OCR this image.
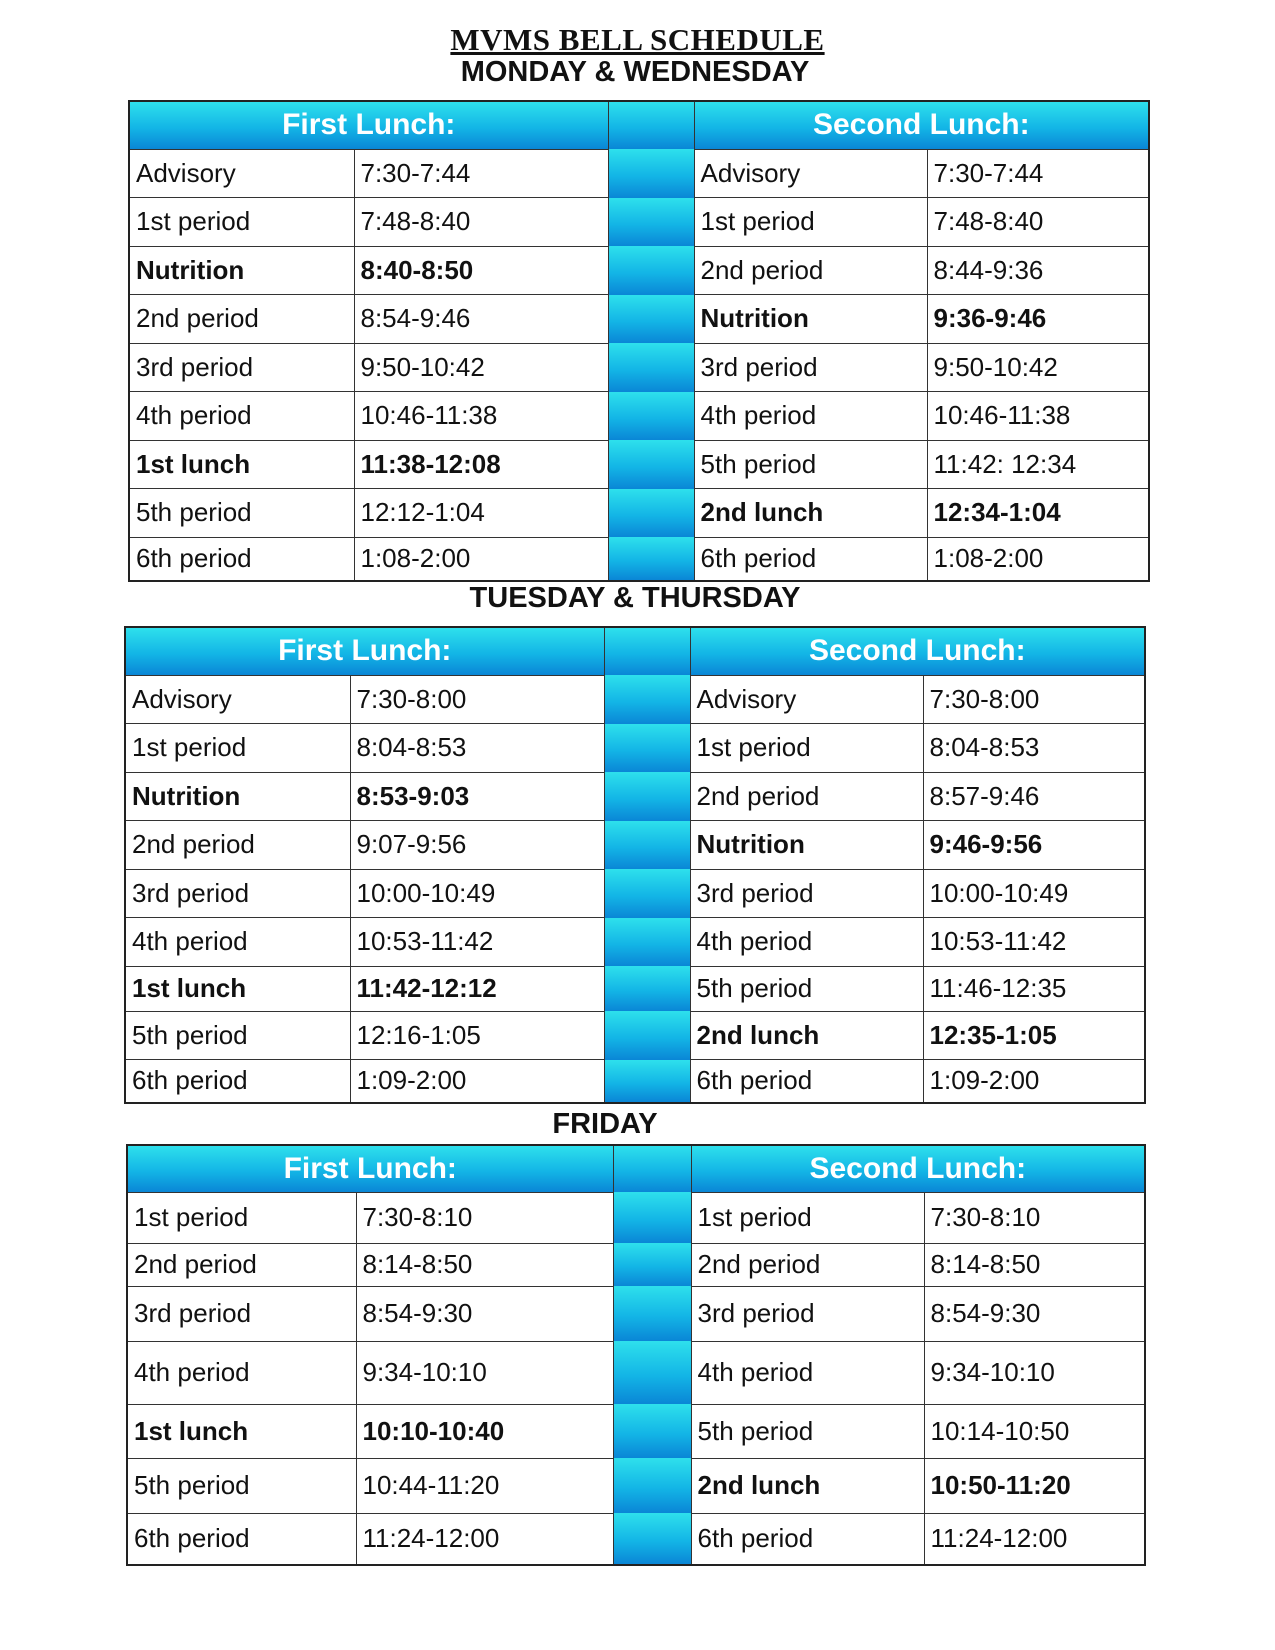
MVMS BELL SCHEDULE
MONDAY & WEDNESDAY
First Lunch:			Second Lunch:	
Advisory	7:30-7:44		Advisory	7:30-7:44
1st period	7:48-8:40		1st period	7:48-8:40
Nutrition	8:40-8:50		2nd period	8:44-9:36
2nd period	8:54-9:46		Nutrition	9:36-9:46
3rd period	9:50-10:42		3rd period	9:50-10:42
4th period	10:46-11:38		4th period	10:46-11:38
1st lunch	11:38-12:08		5th period	11:42: 12:34
5th period	12:12-1:04		2nd lunch	12:34-1:04
6th period	1:08-2:00		6th period	1:08-2:00
TUESDAY & THURSDAY
First Lunch:			Second Lunch:	
Advisory	7:30-8:00		Advisory	7:30-8:00
1st period	8:04-8:53		1st period	8:04-8:53
Nutrition	8:53-9:03		2nd period	8:57-9:46
2nd period	9:07-9:56		Nutrition	9:46-9:56
3rd period	10:00-10:49		3rd period	10:00-10:49
4th period	10:53-11:42		4th period	10:53-11:42
1st lunch	11:42-12:12		5th period	11:46-12:35
5th period	12:16-1:05		2nd lunch	12:35-1:05
6th period	1:09-2:00		6th period	1:09-2:00
FRIDAY
First Lunch:			Second Lunch:	
1st period	7:30-8:10		1st period	7:30-8:10
2nd period	8:14-8:50		2nd period	8:14-8:50
3rd period	8:54-9:30		3rd period	8:54-9:30
4th period	9:34-10:10		4th period	9:34-10:10
1st lunch	10:10-10:40		5th period	10:14-10:50
5th period	10:44-11:20		2nd lunch	10:50-11:20
6th period	11:24-12:00		6th period	11:24-12:00
